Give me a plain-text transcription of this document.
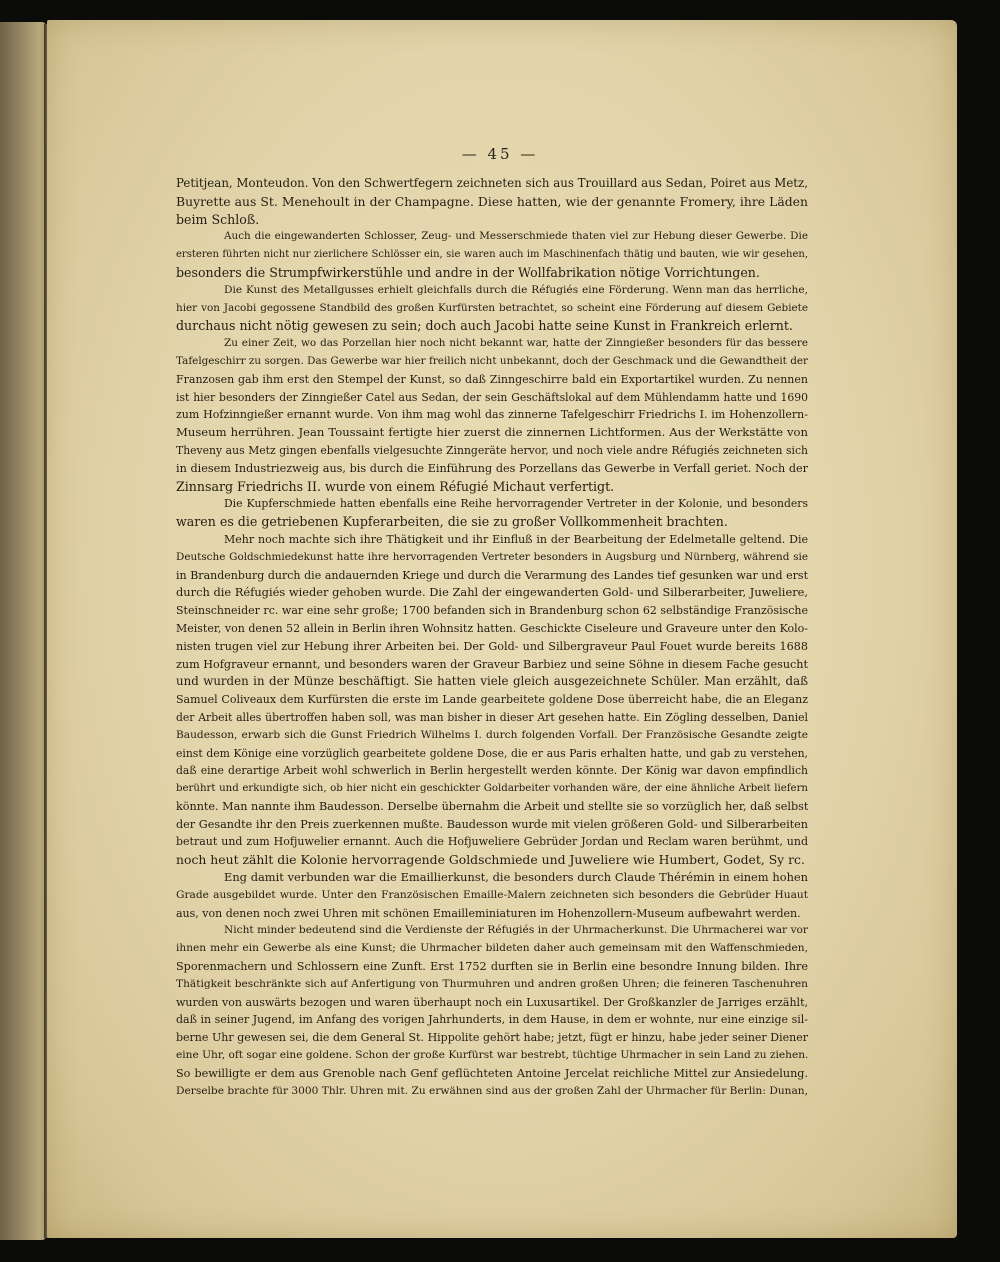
— 45 —
Petitjean, Monteudon. Von den Schwertfegern zeichneten sich aus Trouillard aus Sedan, Poiret aus Metz,
Buyrette aus St. Menehoult in der Champagne. Diese hatten, wie der genannte Fromery, ihre Läden
beim Schloß.
Auch die eingewanderten Schlosser, Zeug- und Messerschmiede thaten viel zur Hebung dieser Gewerbe. Die
ersteren führten nicht nur zierlichere Schlösser ein, sie waren auch im Maschinenfach thätig und bauten, wie wir gesehen,
besonders die Strumpfwirkerstühle und andre in der Wollfabrikation nötige Vorrichtungen.
Die Kunst des Metallgusses erhielt gleichfalls durch die Réfugiés eine Förderung. Wenn man das herrliche,
hier von Jacobi gegossene Standbild des großen Kurfürsten betrachtet, so scheint eine Förderung auf diesem Gebiete
durchaus nicht nötig gewesen zu sein; doch auch Jacobi hatte seine Kunst in Frankreich erlernt.
Zu einer Zeit, wo das Porzellan hier noch nicht bekannt war, hatte der Zinngießer besonders für das bessere
Tafelgeschirr zu sorgen. Das Gewerbe war hier freilich nicht unbekannt, doch der Geschmack und die Gewandtheit der
Franzosen gab ihm erst den Stempel der Kunst, so daß Zinngeschirre bald ein Exportartikel wurden. Zu nennen
ist hier besonders der Zinngießer Catel aus Sedan, der sein Geschäftslokal auf dem Mühlendamm hatte und 1690
zum Hofzinngießer ernannt wurde. Von ihm mag wohl das zinnerne Tafelgeschirr Friedrichs I. im Hohenzollern-
Museum herrühren. Jean Toussaint fertigte hier zuerst die zinnernen Lichtformen. Aus der Werkstätte von
Theveny aus Metz gingen ebenfalls vielgesuchte Zinngeräte hervor, und noch viele andre Réfugiés zeichneten sich
in diesem Industriezweig aus, bis durch die Einführung des Porzellans das Gewerbe in Verfall geriet. Noch der
Zinnsarg Friedrichs II. wurde von einem Réfugié Michaut verfertigt.
Die Kupferschmiede hatten ebenfalls eine Reihe hervorragender Vertreter in der Kolonie, und besonders
waren es die getriebenen Kupferarbeiten, die sie zu großer Vollkommenheit brachten.
Mehr noch machte sich ihre Thätigkeit und ihr Einfluß in der Bearbeitung der Edelmetalle geltend. Die
Deutsche Goldschmiedekunst hatte ihre hervorragenden Vertreter besonders in Augsburg und Nürnberg, während sie
in Brandenburg durch die andauernden Kriege und durch die Verarmung des Landes tief gesunken war und erst
durch die Réfugiés wieder gehoben wurde. Die Zahl der eingewanderten Gold- und Silberarbeiter, Juweliere,
Steinschneider rc. war eine sehr große; 1700 befanden sich in Brandenburg schon 62 selbständige Französische
Meister, von denen 52 allein in Berlin ihren Wohnsitz hatten. Geschickte Ciseleure und Graveure unter den Kolo-
nisten trugen viel zur Hebung ihrer Arbeiten bei. Der Gold- und Silbergraveur Paul Fouet wurde bereits 1688
zum Hofgraveur ernannt, und besonders waren der Graveur Barbiez und seine Söhne in diesem Fache gesucht
und wurden in der Münze beschäftigt. Sie hatten viele gleich ausgezeichnete Schüler. Man erzählt, daß
Samuel Coliveaux dem Kurfürsten die erste im Lande gearbeitete goldene Dose überreicht habe, die an Eleganz
der Arbeit alles übertroffen haben soll, was man bisher in dieser Art gesehen hatte. Ein Zögling desselben, Daniel
Baudesson, erwarb sich die Gunst Friedrich Wilhelms I. durch folgenden Vorfall. Der Französische Gesandte zeigte
einst dem Könige eine vorzüglich gearbeitete goldene Dose, die er aus Paris erhalten hatte, und gab zu verstehen,
daß eine derartige Arbeit wohl schwerlich in Berlin hergestellt werden könnte. Der König war davon empfindlich
berührt und erkundigte sich, ob hier nicht ein geschickter Goldarbeiter vorhanden wäre, der eine ähnliche Arbeit liefern
könnte. Man nannte ihm Baudesson. Derselbe übernahm die Arbeit und stellte sie so vorzüglich her, daß selbst
der Gesandte ihr den Preis zuerkennen mußte. Baudesson wurde mit vielen größeren Gold- und Silberarbeiten
betraut und zum Hofjuwelier ernannt. Auch die Hofjuweliere Gebrüder Jordan und Reclam waren berühmt, und
noch heut zählt die Kolonie hervorragende Goldschmiede und Juweliere wie Humbert, Godet, Sy rc.
Eng damit verbunden war die Emaillierkunst, die besonders durch Claude Thérémin in einem hohen
Grade ausgebildet wurde. Unter den Französischen Emaille-Malern zeichneten sich besonders die Gebrüder Huaut
aus, von denen noch zwei Uhren mit schönen Emailleminiaturen im Hohenzollern-Museum aufbewahrt werden.
Nicht minder bedeutend sind die Verdienste der Réfugiés in der Uhrmacherkunst. Die Uhrmacherei war vor
ihnen mehr ein Gewerbe als eine Kunst; die Uhrmacher bildeten daher auch gemeinsam mit den Waffenschmieden,
Sporenmachern und Schlossern eine Zunft. Erst 1752 durften sie in Berlin eine besondre Innung bilden. Ihre
Thätigkeit beschränkte sich auf Anfertigung von Thurmuhren und andren großen Uhren; die feineren Taschenuhren
wurden von auswärts bezogen und waren überhaupt noch ein Luxusartikel. Der Großkanzler de Jarriges erzählt,
daß in seiner Jugend, im Anfang des vorigen Jahrhunderts, in dem Hause, in dem er wohnte, nur eine einzige sil-
berne Uhr gewesen sei, die dem General St. Hippolite gehört habe; jetzt, fügt er hinzu, habe jeder seiner Diener
eine Uhr, oft sogar eine goldene. Schon der große Kurfürst war bestrebt, tüchtige Uhrmacher in sein Land zu ziehen.
So bewilligte er dem aus Grenoble nach Genf geflüchteten Antoine Jercelat reichliche Mittel zur Ansiedelung.
Derselbe brachte für 3000 Thlr. Uhren mit. Zu erwähnen sind aus der großen Zahl der Uhrmacher für Berlin: Dunan,
